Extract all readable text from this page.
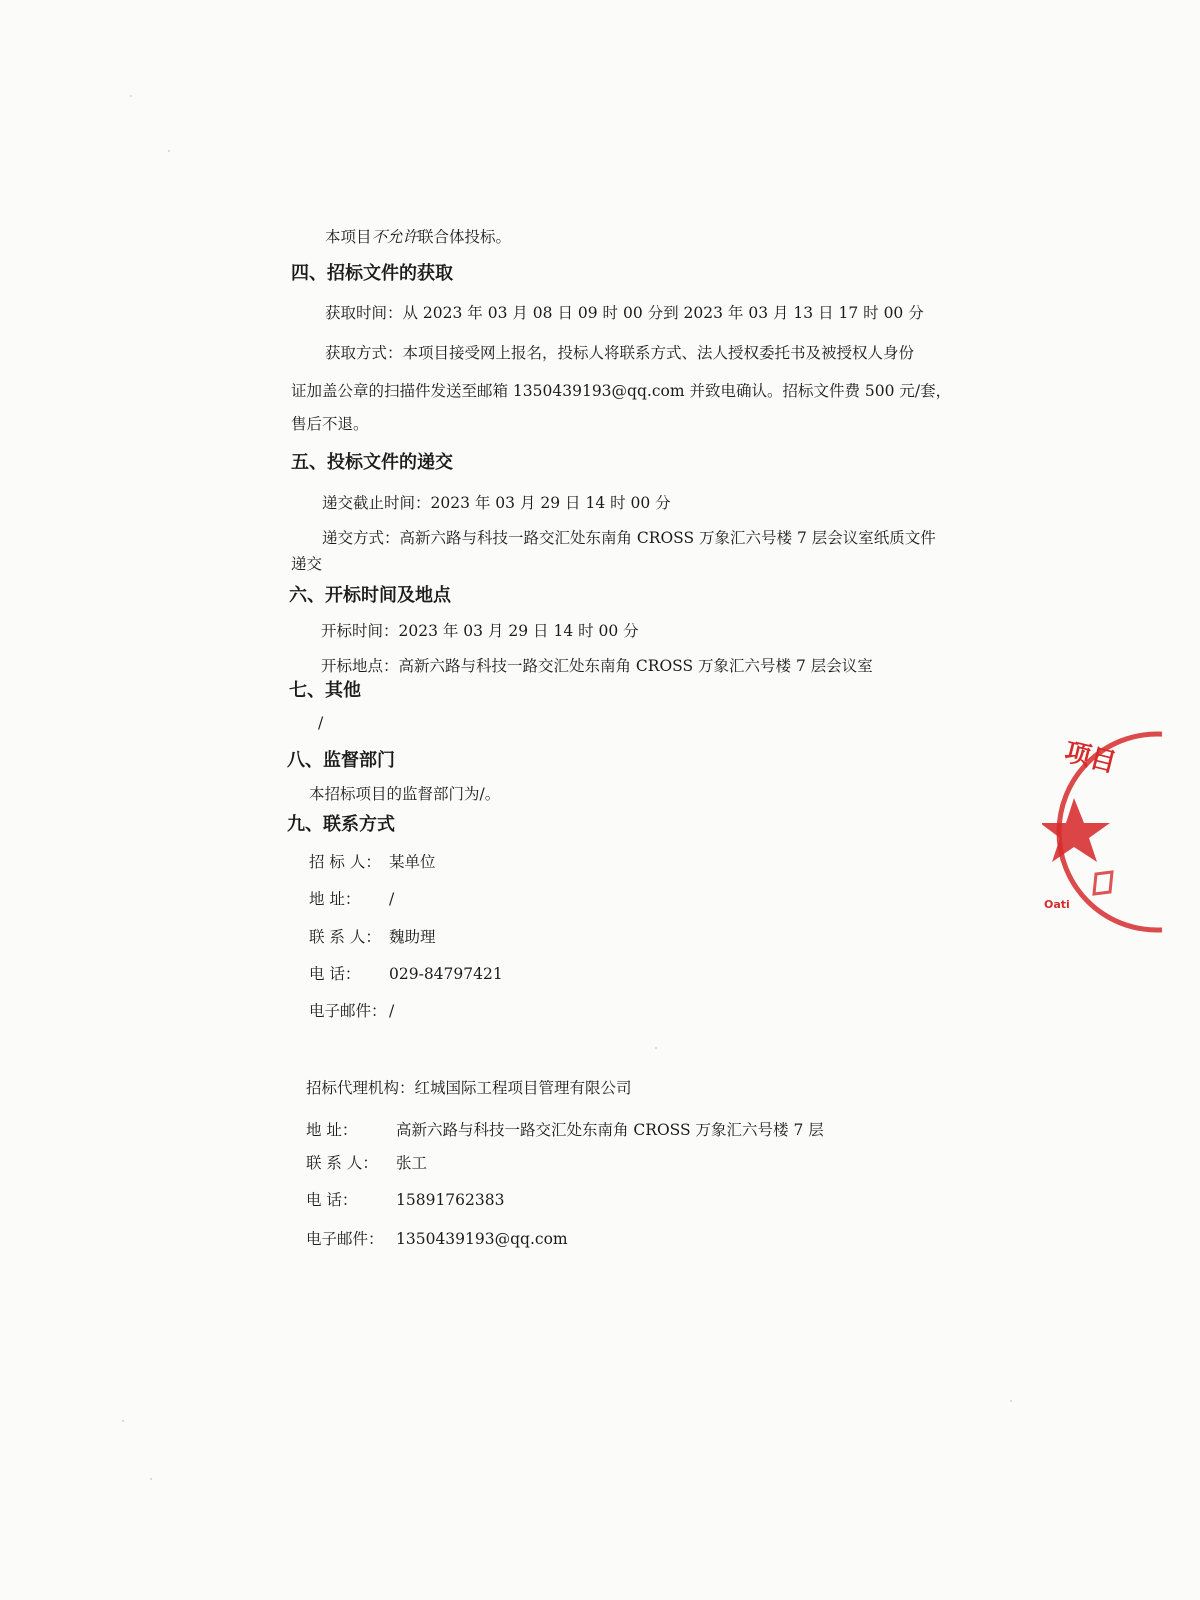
本项目不允许联合体投标。
四、招标文件的获取
获取时间：从 2023 年 03 月 08 日 09 时 00 分到 2023 年 03 月 13 日 17 时 00 分
获取方式：本项目接受网上报名，投标人将联系方式、法人授权委托书及被授权人身份
证加盖公章的扫描件发送至邮箱 1350439193@qq.com 并致电确认。招标文件费 500 元/套，
售后不退。
五、投标文件的递交
递交截止时间：2023 年 03 月 29 日 14 时 00 分
递交方式：高新六路与科技一路交汇处东南角 CROSS 万象汇六号楼 7 层会议室纸质文件
递交
六、开标时间及地点
开标时间：2023 年 03 月 29 日 14 时 00 分
开标地点：高新六路与科技一路交汇处东南角 CROSS 万象汇六号楼 7 层会议室
七、其他
/
八、监督部门
本招标项目的监督部门为/。
九、联系方式
招 标 人： 某单位
地 址： /
联 系 人： 魏助理
电 话： 029-84797421
电子邮件： /
招标代理机构：红城国际工程项目管理有限公司
地 址： 高新六路与科技一路交汇处东南角 CROSS 万象汇六号楼 7 层
联 系 人： 张工
电 话： 15891762383
电子邮件： 1350439193@qq.com
项目
Oati
